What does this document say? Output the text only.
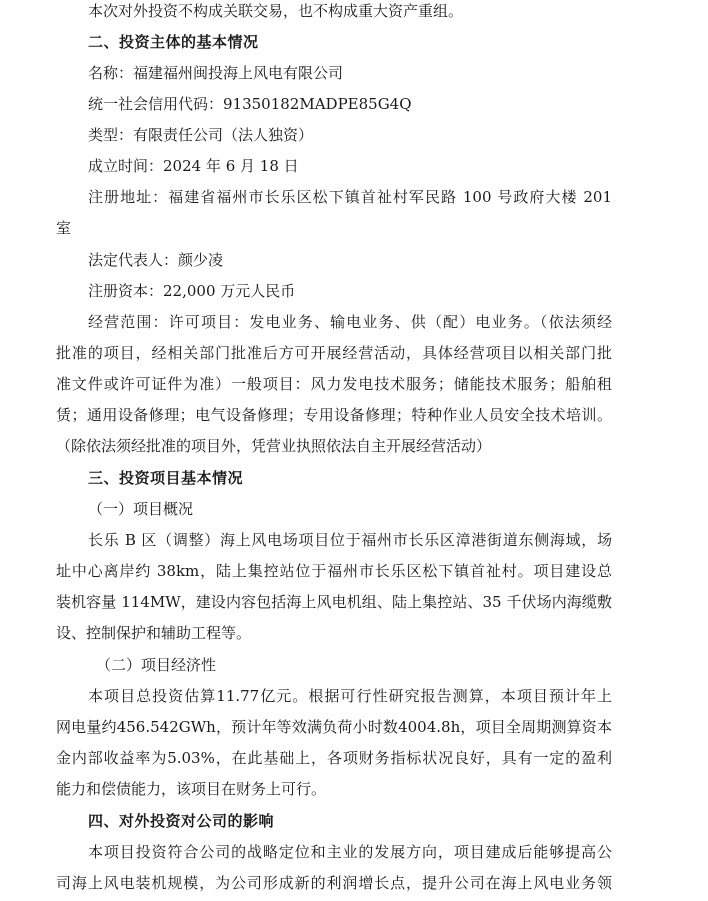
本次对外投资不构成关联交易，也不构成重大资产重组。
二、投资主体的基本情况
名称：福建福州闽投海上风电有限公司
统一社会信用代码：91350182MADPE85G4Q
类型：有限责任公司（法人独资）
成立时间：2024 年 6 月 18 日
注册地址：福建省福州市长乐区松下镇首祉村军民路 100 号政府大楼 201
室
法定代表人：颜少凌
注册资本：22,000 万元人民币
经营范围：许可项目：发电业务、输电业务、供（配）电业务。（依法须经
批准的项目，经相关部门批准后方可开展经营活动，具体经营项目以相关部门批
准文件或许可证件为准）一般项目：风力发电技术服务；储能技术服务；船舶租
赁；通用设备修理；电气设备修理；专用设备修理；特种作业人员安全技术培训。
（除依法须经批准的项目外，凭营业执照依法自主开展经营活动）
三、投资项目基本情况
（一）项目概况
长乐 B 区（调整）海上风电场项目位于福州市长乐区漳港街道东侧海域，场
址中心离岸约 38km，陆上集控站位于福州市长乐区松下镇首祉村。项目建设总
装机容量 114MW，建设内容包括海上风电机组、陆上集控站、35 千伏场内海缆敷
设、控制保护和辅助工程等。
（二）项目经济性
本项目总投资估算11.77亿元。根据可行性研究报告测算，本项目预计年上
网电量约456.542GWh，预计年等效满负荷小时数4004.8h，项目全周期测算资本
金内部收益率为5.03%，在此基础上，各项财务指标状况良好，具有一定的盈利
能力和偿债能力，该项目在财务上可行。
四、对外投资对公司的影响
本项目投资符合公司的战略定位和主业的发展方向，项目建成后能够提高公
司海上风电装机规模，为公司形成新的利润增长点，提升公司在海上风电业务领
